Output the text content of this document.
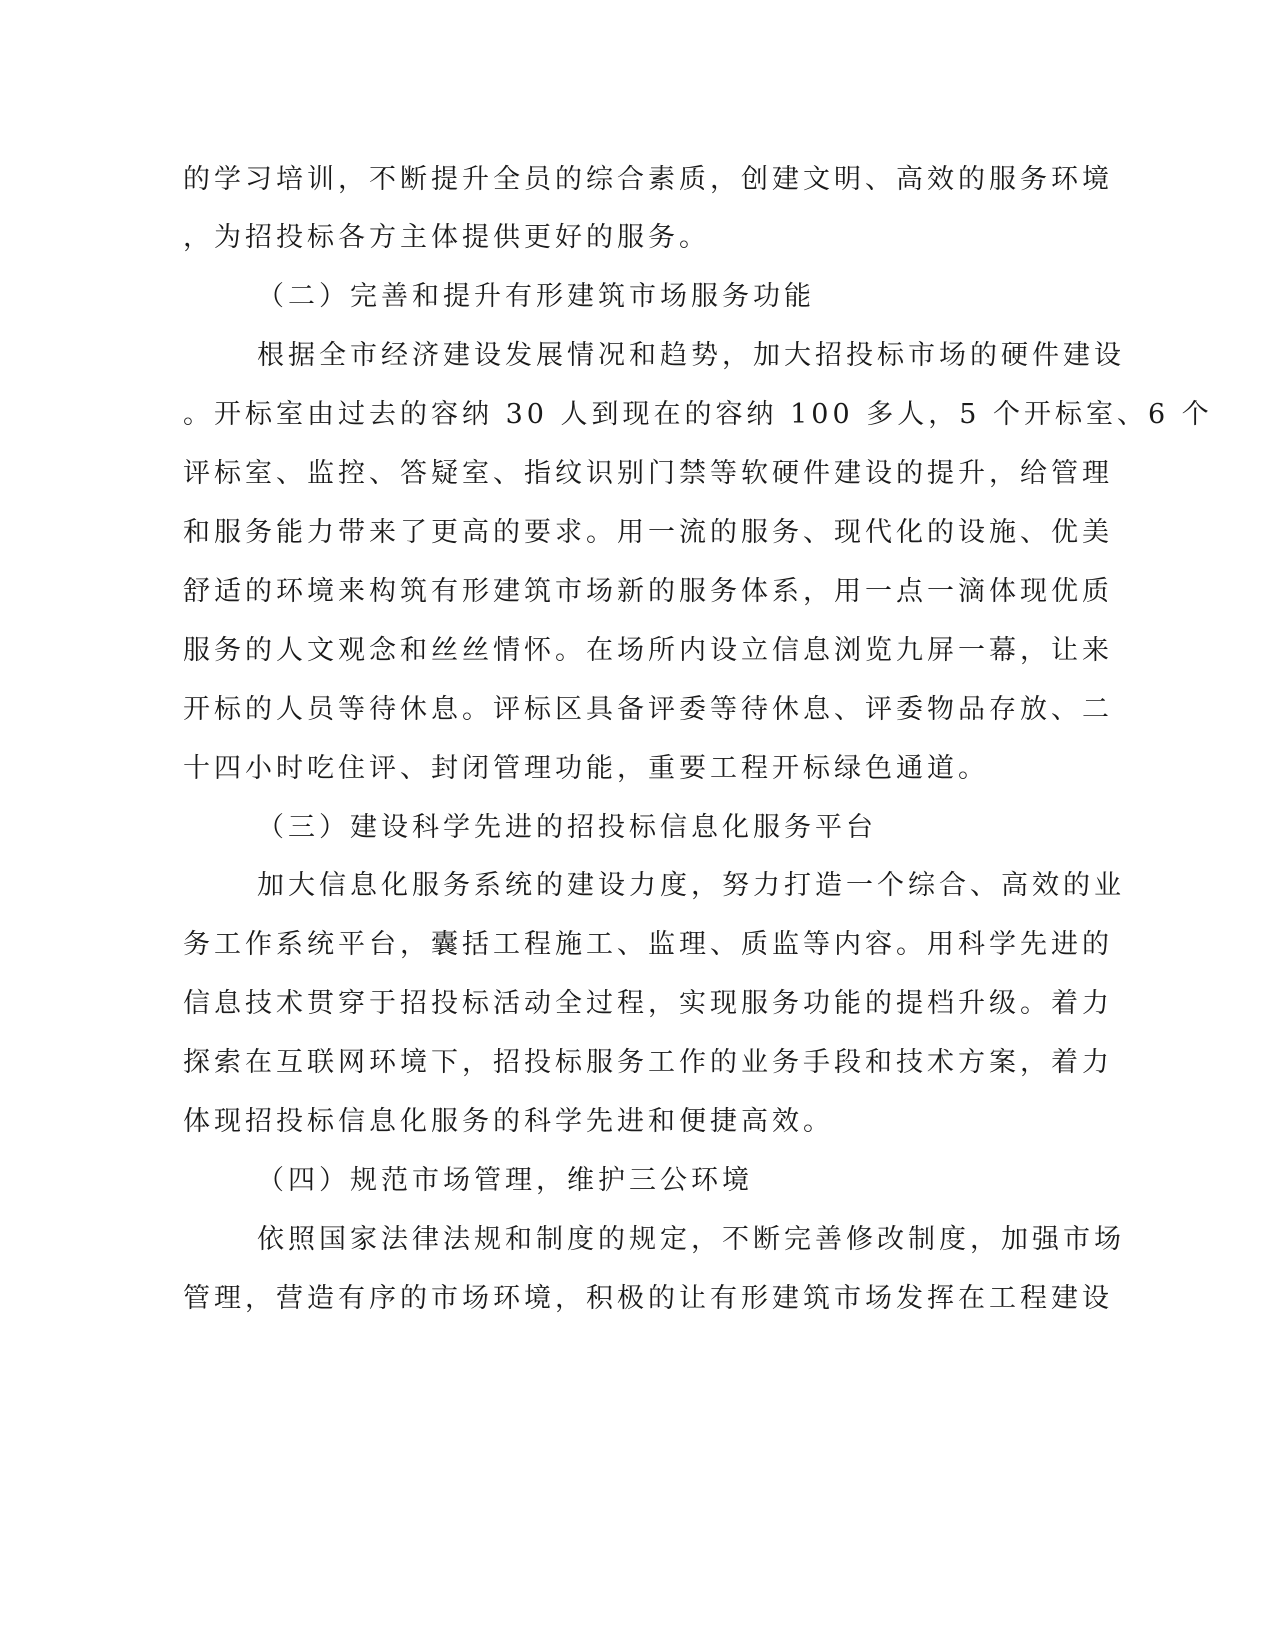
的学习培训，不断提升全员的综合素质，创建文明、高效的服务环境
，为招投标各方主体提供更好的服务。
（二）完善和提升有形建筑市场服务功能
根据全市经济建设发展情况和趋势，加大招投标市场的硬件建设
。开标室由过去的容纳 30 人到现在的容纳 100 多人，5 个开标室、6 个
评标室、监控、答疑室、指纹识别门禁等软硬件建设的提升，给管理
和服务能力带来了更高的要求。用一流的服务、现代化的设施、优美
舒适的环境来构筑有形建筑市场新的服务体系，用一点一滴体现优质
服务的人文观念和丝丝情怀。在场所内设立信息浏览九屏一幕，让来
开标的人员等待休息。评标区具备评委等待休息、评委物品存放、二
十四小时吃住评、封闭管理功能，重要工程开标绿色通道。
（三）建设科学先进的招投标信息化服务平台
加大信息化服务系统的建设力度，努力打造一个综合、高效的业
务工作系统平台，囊括工程施工、监理、质监等内容。用科学先进的
信息技术贯穿于招投标活动全过程，实现服务功能的提档升级。着力
探索在互联网环境下，招投标服务工作的业务手段和技术方案，着力
体现招投标信息化服务的科学先进和便捷高效。
（四）规范市场管理，维护三公环境
依照国家法律法规和制度的规定，不断完善修改制度，加强市场
管理，营造有序的市场环境，积极的让有形建筑市场发挥在工程建设
